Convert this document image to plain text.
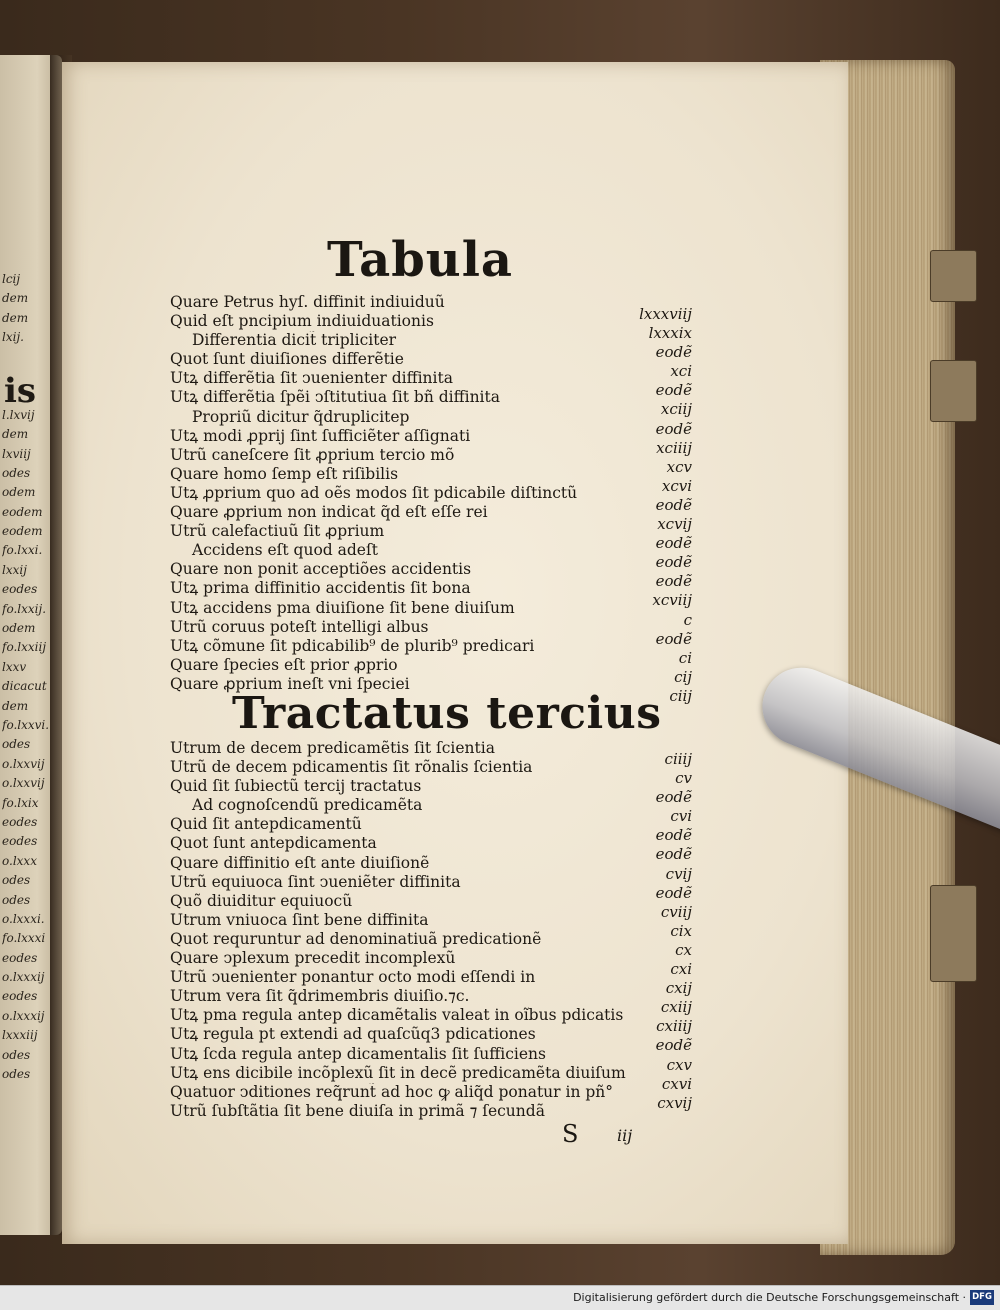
lcij
dem
dem
lxij.
l.lxvij
dem
lxviij
odes
odem
eodem
eodem
fo.lxxi.
lxxij
eodes
fo.lxxij.
odem
fo.lxxiij
lxxv
dicacut
dem
fo.lxxvi.
odes
o.lxxvij
o.lxxvij
fo.lxix
eodes
eodes
o.lxxx
odes
odes
o.lxxxi.
fo.lxxxi
eodes
o.lxxxij
eodes
o.lxxxij
lxxxiij
odes
odes
is
Tabula
Quare Petrus hyſ. diffinit indiuiduũ
Quid eſt pncipium indiuiduationis
Differentia dicit̃ tripliciter
Quot ſunt diuiſiones differẽtie
Utꝝ differẽtia ſit ↄuenienter diffinita
Utꝝ differẽtia ſpẽi ↄſtitutiua ſit bñ diffinita
Propriũ dicitur q̃druplicitер
Utꝝ modi ꝓprij ſint ſufficiẽter aſſignati
Utrũ caneſcere ſit ꝓprium tercio mõ
Quare homo ſemp eſt riſibilis
Utꝝ ꝓprium quo ad oẽs modos ſit pdicabile diſtinctũ
Quare ꝓprium non indicat q̃d eſt eſſe rei
Utrũ calefactiuũ ſit ꝓprium
Accidens eſt quod adeſt
Quare non ponit acceptiões accidentis
Utꝝ prima diffinitio accidentis ſit bona
Utꝝ accidens pma diuiſione ſit bene diuiſum
Utrũ coruus poteſt intelligi albus
Utꝝ cõmune ſit pdicabilib⁹ de plurib⁹ predicari
Quare ſpecies eſt prior ꝓprio
Quare ꝓprium ineſt vni ſpeciei
lxxxviij
lxxxix
eodẽ
xci
eodẽ
xciij
eodẽ
xciiij
xcv
xcvi
eodẽ
xcvij
eodẽ
eodẽ
eodẽ
xcviij
c
eodẽ
ci
cij
ciij
Tractatus tercius
Utrum de decem predicamẽtis ſit ſcientia
Utrũ de decem pdicamentis ſit rõnalis ſcientia
Quid ſit ſubiectũ tercij tractatus
Ad cognoſcendũ predicamẽta
Quid ſit antepdicamentũ
Quot ſunt antepdicamenta
Quare diffinitio eſt ante diuiſionẽ
Utrũ equiuoca ſint ↄueniẽter diffinita
Quõ diuiditur equiuocũ
Utrum vniuoca ſint bene diffinita
Quot requruntur ad denominatiuã predicationẽ
Quare ↄplexum precedit incomplexũ
Utrũ ↄuenienter ponantur octo modi eſſendi in
Utrum vera ſit q̃drimembris diuiſio.⁊c.
Utꝝ pma regula antep dicamẽtalis valeat in oĩbus pdicatis
Utꝝ regula pt extendi ad quaſcũq3 pdicationes
Utꝝ ſcda regula antep dicamentalis ſit ſufficiens
Utꝝ ens dicibile incõplexũ ſit in decẽ predicamẽta diuiſum
Quatuor ↄditiones req̃runt̃ ad hoc ꝙ aliq̃d ponatur in pñ°
Utrũ ſubſtãtia ſit bene diuiſa in primã ⁊ ſecundã
ciiij
cv
eodẽ
cvi
eodẽ
eodẽ
cvij
eodẽ
cviij
cix
cx
cxi
cxij
cxiij
cxiiij
eodẽ
cxv
cxvi
cxvij
S iij
Digitalisierung gefördert durch die Deutsche Forschungsgemeinschaft · DFG
